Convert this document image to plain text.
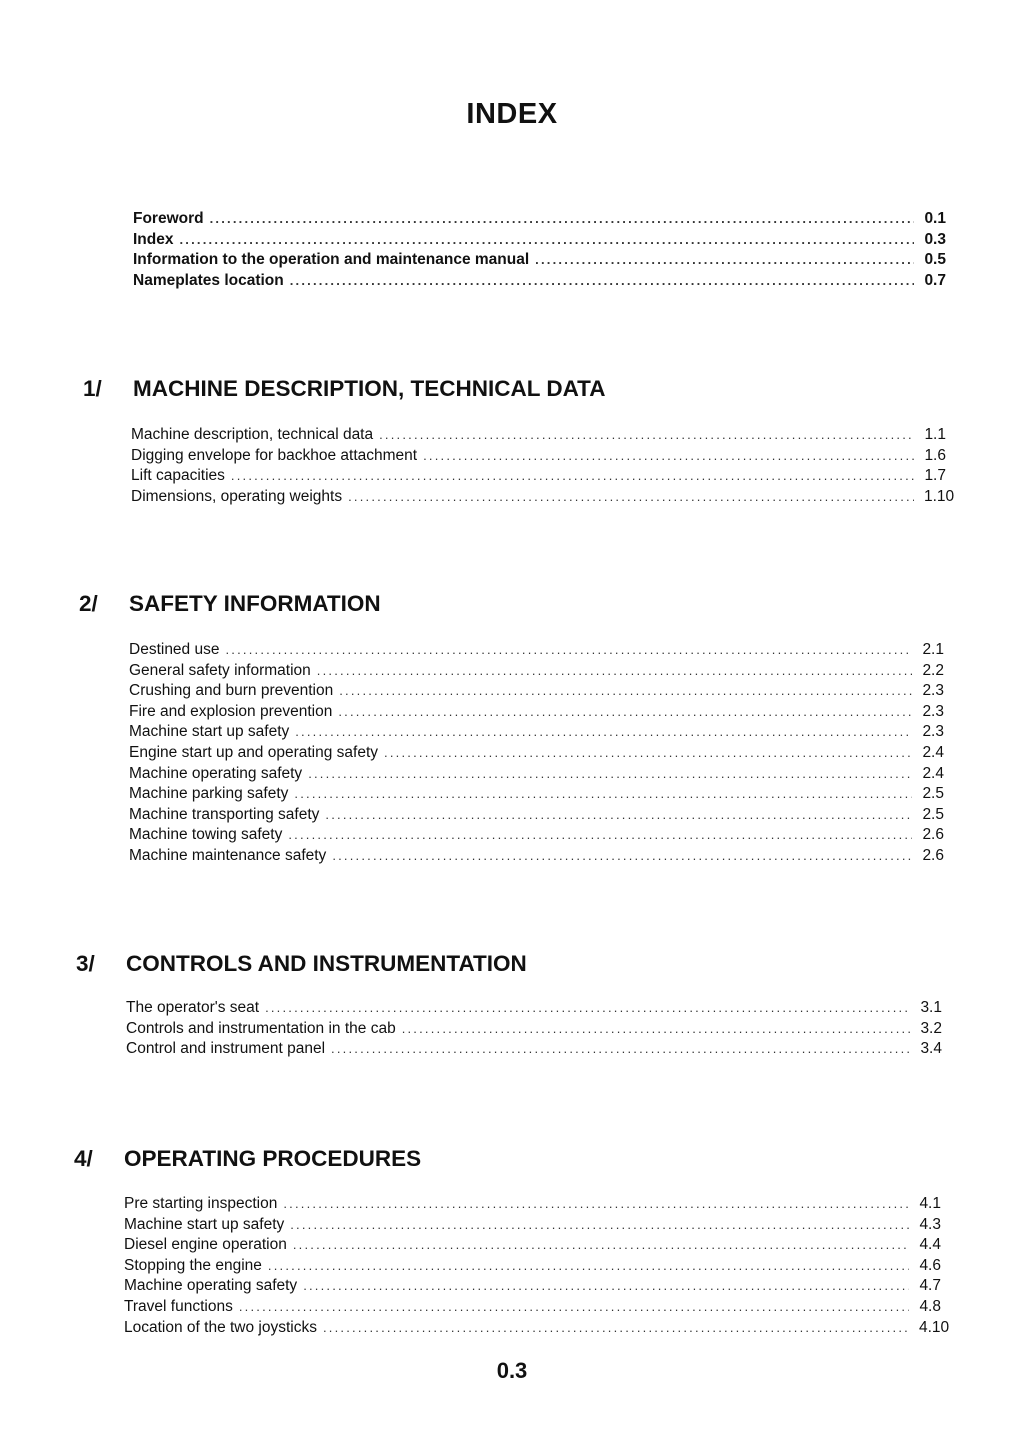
INDEX
Foreword .....	0.1
Index .....	0.3
Information to the operation and maintenance manual .....	0.5
Nameplates location .....	0.7
1/	MACHINE DESCRIPTION, TECHNICAL DATA
Machine description, technical data .....	1.1
Digging envelope for backhoe attachment .....	1.6
Lift capacities .....	1.7
Dimensions, operating weights .....	1.10
2/	SAFETY INFORMATION
Destined use .....	2.1
General safety information .....	2.2
Crushing and burn prevention .....	2.3
Fire and explosion prevention .....	2.3
Machine start up safety .....	2.3
Engine start up and operating safety .....	2.4
Machine operating safety .....	2.4
Machine parking safety .....	2.5
Machine transporting safety .....	2.5
Machine towing safety .....	2.6
Machine maintenance safety .....	2.6
3/	CONTROLS AND INSTRUMENTATION
The operator's seat .....	3.1
Controls and instrumentation in the cab .....	3.2
Control and instrument panel .....	3.4
4/	OPERATING PROCEDURES
Pre starting inspection .....	4.1
Machine start up safety .....	4.3
Diesel engine operation .....	4.4
Stopping the engine .....	4.6
Machine operating safety .....	4.7
Travel functions .....	4.8
Location of the two joysticks .....	4.10
0.3
